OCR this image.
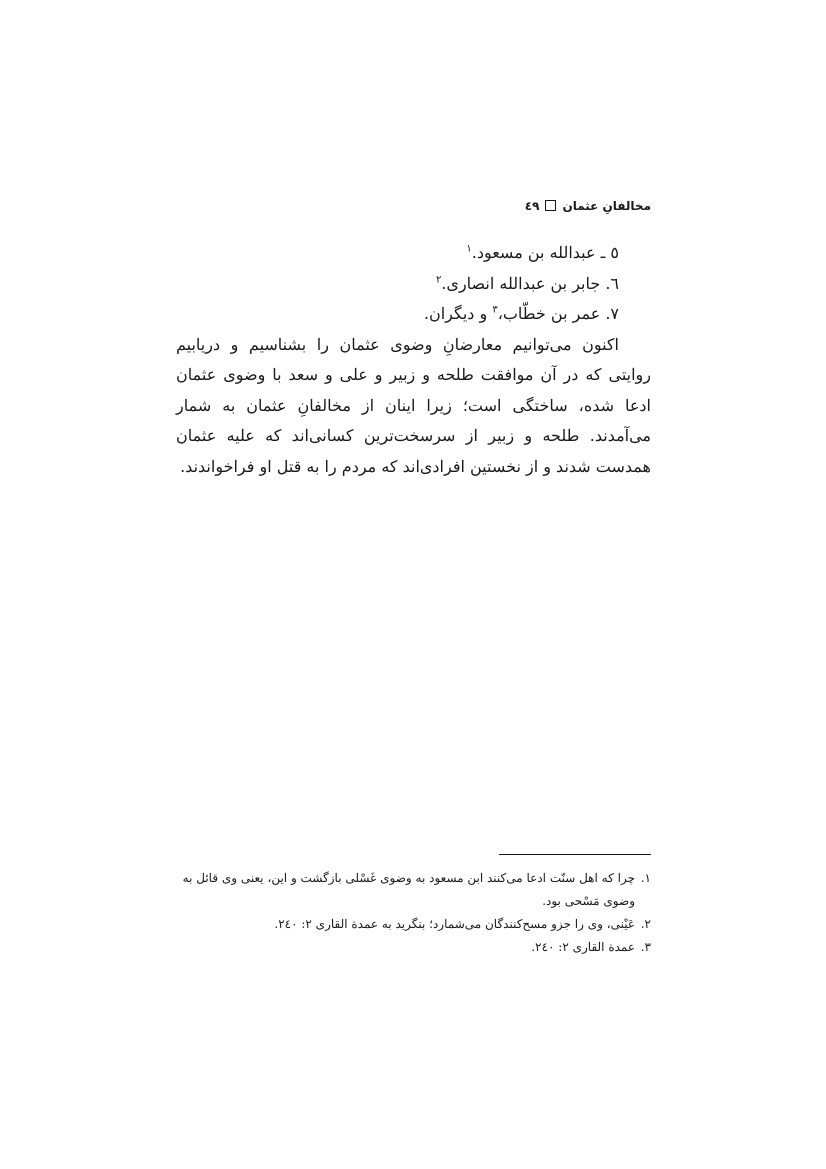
مخالفانِ عثمان٤٩
٥ ـ عبدالله بن مسعود.$^١$
٦. جابر بن عبدالله انصاری.$^٢$
٧. عمر بن خطّاب،$^٣$ و دیگران.

اکنون می‌توانیم معارضانِ وضوی عثمان را بشناسیم و دریابیم روایتی که در آن موافقت طلحه و زبیر و علی و سعد با وضوی عثمان ادعا شده، ساختگی است؛ زیرا اینان از مخالفانِ عثمان به شمار می‌آمدند. طلحه و زبیر از سرسخت‌ترین کسانی‌اند که علیه عثمان همدست شدند و از نخستین افرادی‌اند که مردم را به قتل او فراخواندند.

١.
چرا که اهل سنّت ادعا می‌کنند ابن مسعود به وضوی غَسْلی بازگشت و این، یعنی وی قائل به وضوی مَسْحی بود.
٢.
عَیْنی، وی را جزو مسح‌کنندگان می‌شمارد؛ بنگرید به عمدة القاری ٢: ٢٤٠.
٣.
عمدة القاری ٢: ٢٤٠.
